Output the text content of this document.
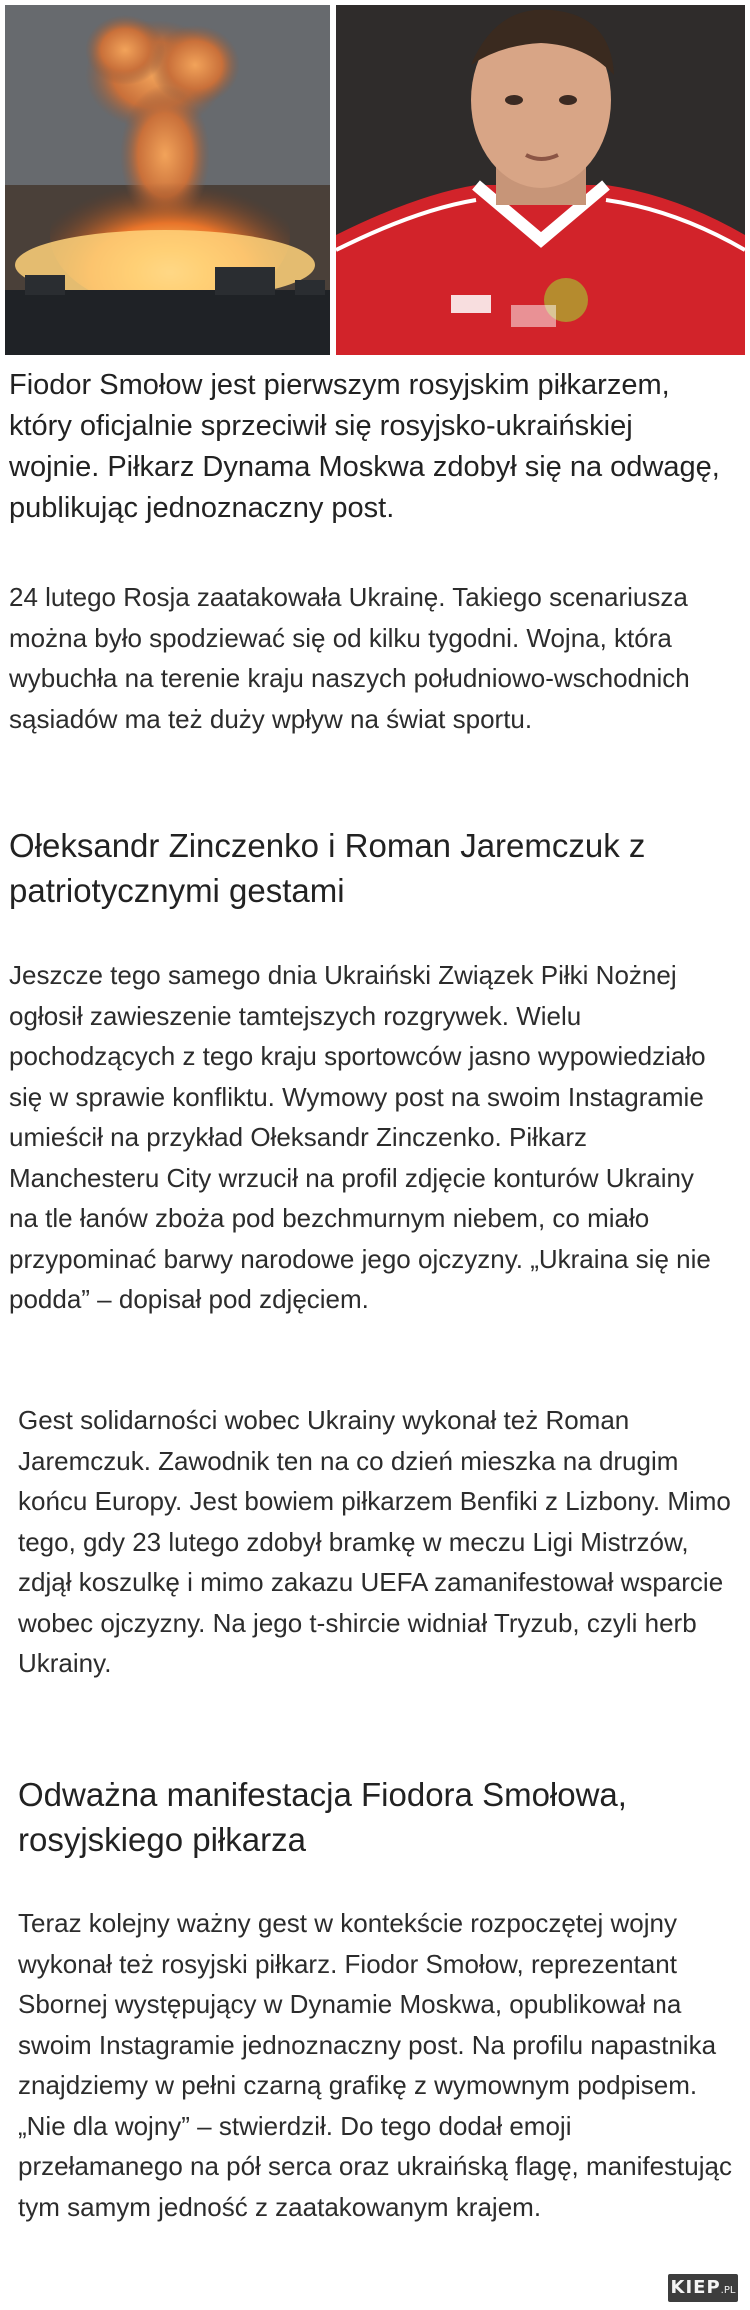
Fiodor Smołow jest pierwszym rosyjskim piłkarzem, który oficjalnie sprzeciwił się rosyjsko-ukraińskiej wojnie. Piłkarz Dynama Moskwa zdobył się na odwagę, publikując jednoznaczny post.

24 lutego Rosja zaatakowała Ukrainę. Takiego scenariusza można było spodziewać się od kilku tygodni. Wojna, która wybuchła na terenie kraju naszych południowo-wschodnich sąsiadów ma też duży wpływ na świat sportu.

Ołeksandr Zinczenko i Roman Jaremczuk z patriotycznymi gestami

Jeszcze tego samego dnia Ukraiński Związek Piłki Nożnej ogłosił zawieszenie tamtejszych rozgrywek. Wielu pochodzących z tego kraju sportowców jasno wypowiedziało się w sprawie konfliktu. Wymowy post na swoim Instagramie umieścił na przykład Ołeksandr Zinczenko. Piłkarz Manchesteru City wrzucił na profil zdjęcie konturów Ukrainy na tle łanów zboża pod bezchmurnym niebem, co miało przypominać barwy narodowe jego ojczyzny. „Ukraina się nie podda” – dopisał pod zdjęciem.

Gest solidarności wobec Ukrainy wykonał też Roman Jaremczuk. Zawodnik ten na co dzień mieszka na drugim końcu Europy. Jest bowiem piłkarzem Benfiki z Lizbony. Mimo tego, gdy 23 lutego zdobył bramkę w meczu Ligi Mistrzów, zdjął koszulkę i mimo zakazu UEFA zamanifestował wsparcie wobec ojczyzny. Na jego t-shircie widniał Tryzub, czyli herb Ukrainy.

Odważna manifestacja Fiodora Smołowa, rosyjskiego piłkarza

Teraz kolejny ważny gest w kontekście rozpoczętej wojny wykonał też rosyjski piłkarz. Fiodor Smołow, reprezentant Sbornej występujący w Dynamie Moskwa, opublikował na swoim Instagramie jednoznaczny post. Na profilu napastnika znajdziemy w pełni czarną grafikę z wymownym podpisem. „Nie dla wojny” – stwierdził. Do tego dodał emoji przełamanego na pół serca oraz ukraińską flagę, manifestując tym samym jedność z zaatakowanym krajem.

KIEP.PL
